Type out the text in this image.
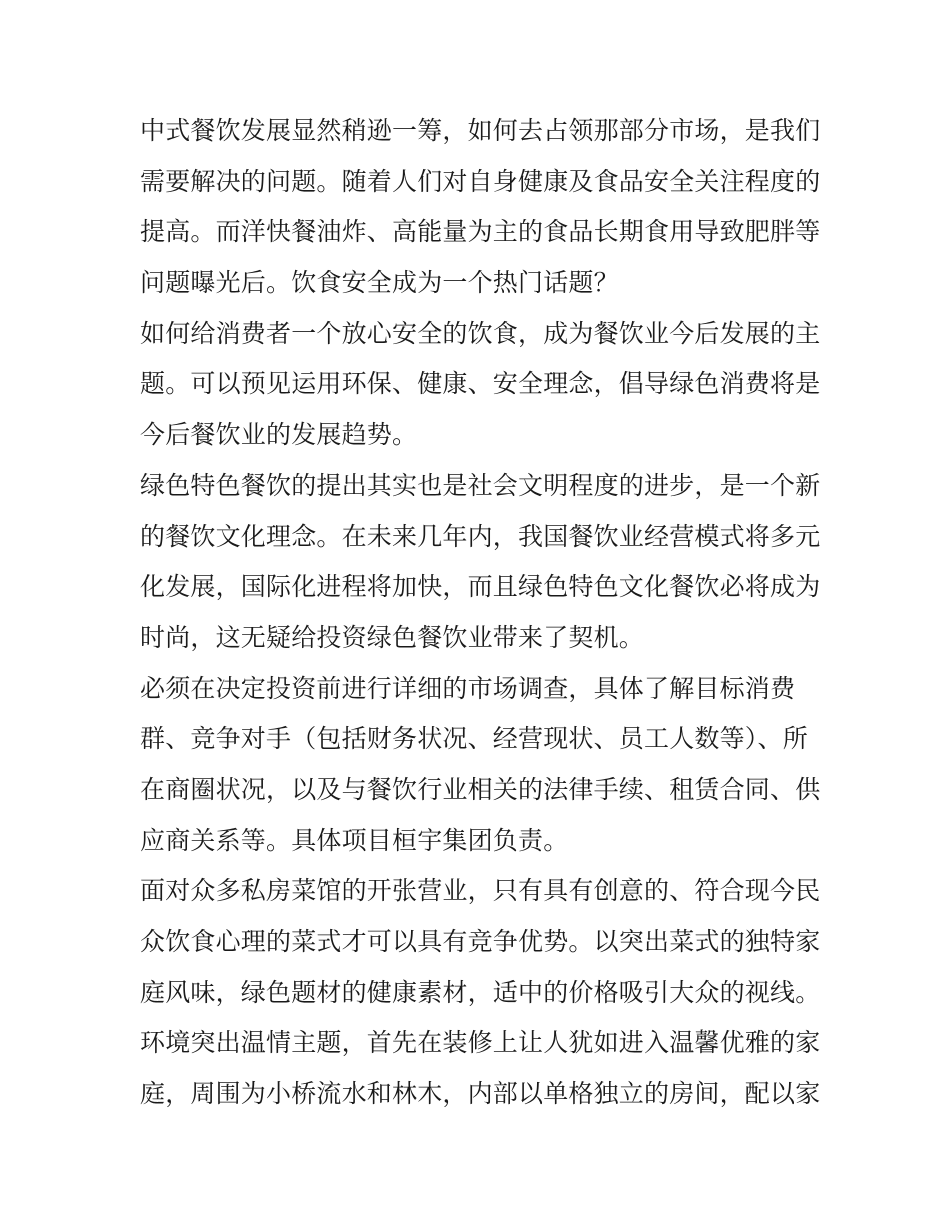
中式餐饮发展显然稍逊一筹，如何去占领那部分市场，是我们
需要解决的问题。随着人们对自身健康及食品安全关注程度的
提高。而洋快餐油炸、高能量为主的食品长期食用导致肥胖等
问题曝光后。饮食安全成为一个热门话题？
如何给消费者一个放心安全的饮食，成为餐饮业今后发展的主
题。可以预见运用环保、健康、安全理念，倡导绿色消费将是
今后餐饮业的发展趋势。
绿色特色餐饮的提出其实也是社会文明程度的进步，是一个新
的餐饮文化理念。在未来几年内，我国餐饮业经营模式将多元
化发展，国际化进程将加快，而且绿色特色文化餐饮必将成为
时尚，这无疑给投资绿色餐饮业带来了契机。
必须在决定投资前进行详细的市场调查，具体了解目标消费
群、竞争对手（包括财务状况、经营现状、员工人数等）、所
在商圈状况，以及与餐饮行业相关的法律手续、租赁合同、供
应商关系等。具体项目桓宇集团负责。
面对众多私房菜馆的开张营业，只有具有创意的、符合现今民
众饮食心理的菜式才可以具有竞争优势。以突出菜式的独特家
庭风味，绿色题材的健康素材，适中的价格吸引大众的视线。
环境突出温情主题，首先在装修上让人犹如进入温馨优雅的家
庭，周围为小桥流水和林木，内部以单格独立的房间，配以家
